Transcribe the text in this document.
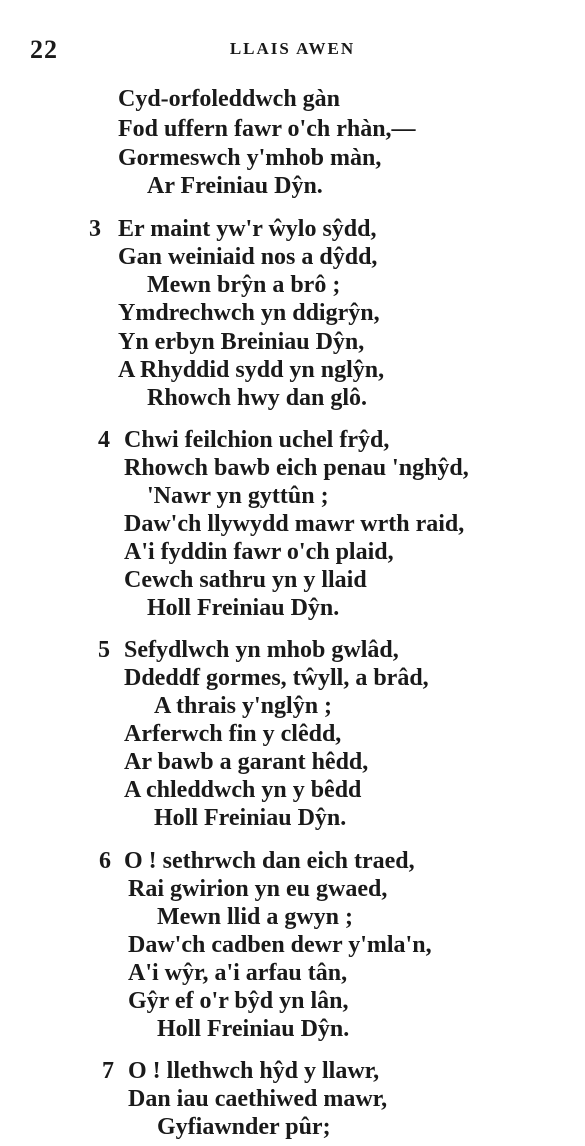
22	LLAIS AWEN
Cyd-orfoleddwch gàn
Fod uffern fawr o'ch rhàn,—
Gormeswch y'mhob màn,
Ar Freiniau Dŷn.
3 Er maint yw'r ŵylo sŷdd,
Gan weiniaid nos a dŷdd,
Mewn brŷn a brô ;
Ymdrechwch yn ddigrŷn,
Yn erbyn Breiniau Dŷn,
A Rhyddid sydd yn nglŷn,
Rhowch hwy dan glô.
4 Chwi feilchion uchel frŷd,
Rhowch bawb eich penau 'nghŷd,
'Nawr yn gyttûn ;
Daw'ch llywydd mawr wrth raid,
A'i fyddin fawr o'ch plaid,
Cewch sathru yn y llaid
Holl Freiniau Dŷn.
5 Sefydlwch yn mhob gwlâd,
Ddeddf gormes, tŵyll, a brâd,
A thrais y'nglŷn ;
Arferwch fin y clêdd,
Ar bawb a garant hêdd,
A chleddwch yn y bêdd
Holl Freiniau Dŷn.
6 O ! sethrwch dan eich traed,
Rai gwirion yn eu gwaed,
Mewn llid a gwyn ;
Daw'ch cadben dewr y'mla'n,
A'i wŷr, a'i arfau tân,
Gŷr ef o'r bŷd yn lân,
Holl Freiniau Dŷn.
7 O ! llethwch hŷd y llawr,
Dan iau caethiwed mawr,
Gyfiawnder pûr;
